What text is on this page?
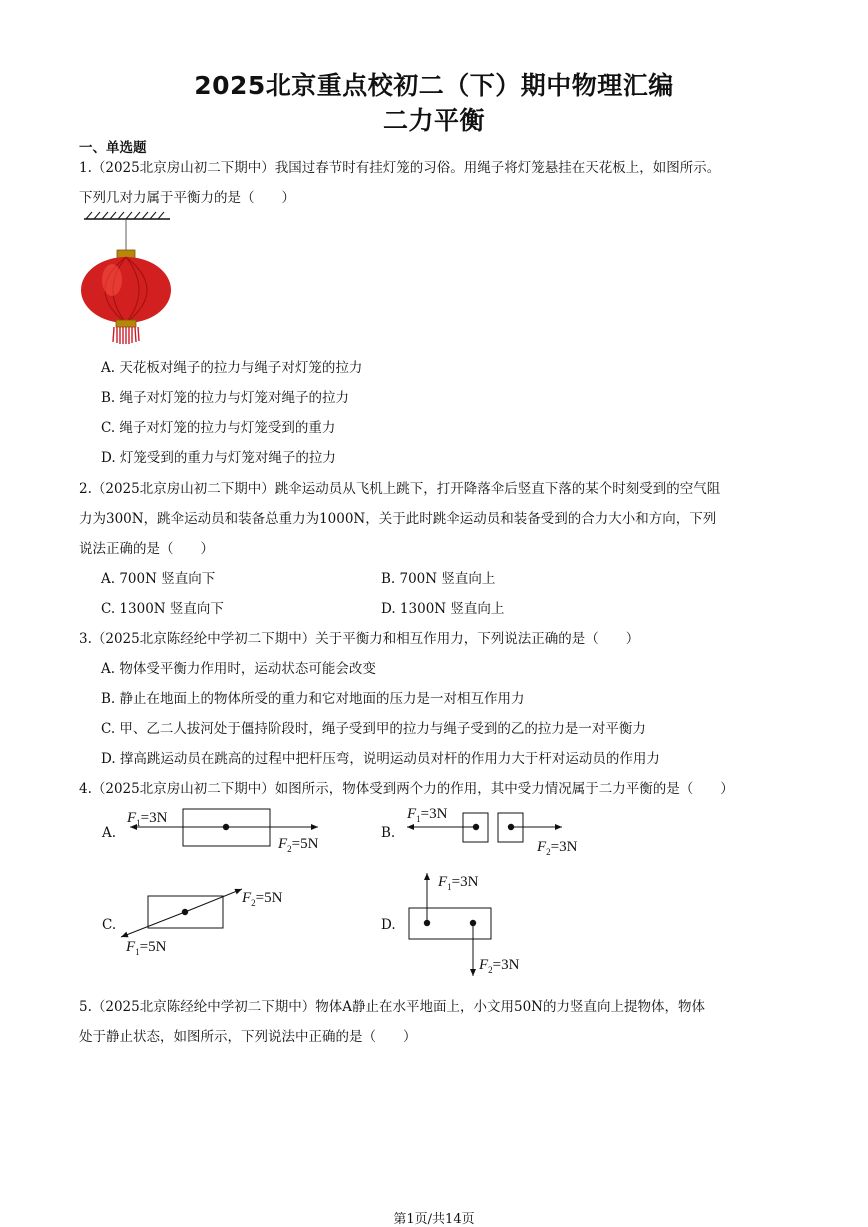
2025北京重点校初二（下）期中物理汇编
二力平衡
一、单选题
1.（2025北京房山初二下期中）我国过春节时有挂灯笼的习俗。用绳子将灯笼悬挂在天花板上，如图所示。
下列几对力属于平衡力的是（　　）
A. 天花板对绳子的拉力与绳子对灯笼的拉力
B. 绳子对灯笼的拉力与灯笼对绳子的拉力
C. 绳子对灯笼的拉力与灯笼受到的重力
D. 灯笼受到的重力与灯笼对绳子的拉力
2.（2025北京房山初二下期中）跳伞运动员从飞机上跳下，打开降落伞后竖直下落的某个时刻受到的空气阻
力为300N，跳伞运动员和装备总重力为1000N，关于此时跳伞运动员和装备受到的合力大小和方向，下列
说法正确的是（　　）
A. 700N 竖直向下	B. 700N 竖直向上
C. 1300N 竖直向下	D. 1300N 竖直向上
3.（2025北京陈经纶中学初二下期中）关于平衡力和相互作用力，下列说法正确的是（　　）
A. 物体受平衡力作用时，运动状态可能会改变
B. 静止在地面上的物体所受的重力和它对地面的压力是一对相互作用力
C. 甲、乙二人拔河处于僵持阶段时，绳子受到甲的拉力与绳子受到的乙的拉力是一对平衡力
D. 撑高跳运动员在跳高的过程中把杆压弯，说明运动员对杆的作用力大于杆对运动员的作用力
4.（2025北京房山初二下期中）如图所示，物体受到两个力的作用，其中受力情况属于二力平衡的是（　　）
A.
$F_1=3N$
$F_2=5N$
B.
$F_1=3N$
$F_2=3N$
C.
$F_2=5N$
$F_1=5N$
D.
$F_1=3N$
$F_2=3N$
5.（2025北京陈经纶中学初二下期中）物体A静止在水平地面上，小文用50N的力竖直向上提物体，物体
处于静止状态，如图所示，下列说法中正确的是（　　）
第1页/共14页
